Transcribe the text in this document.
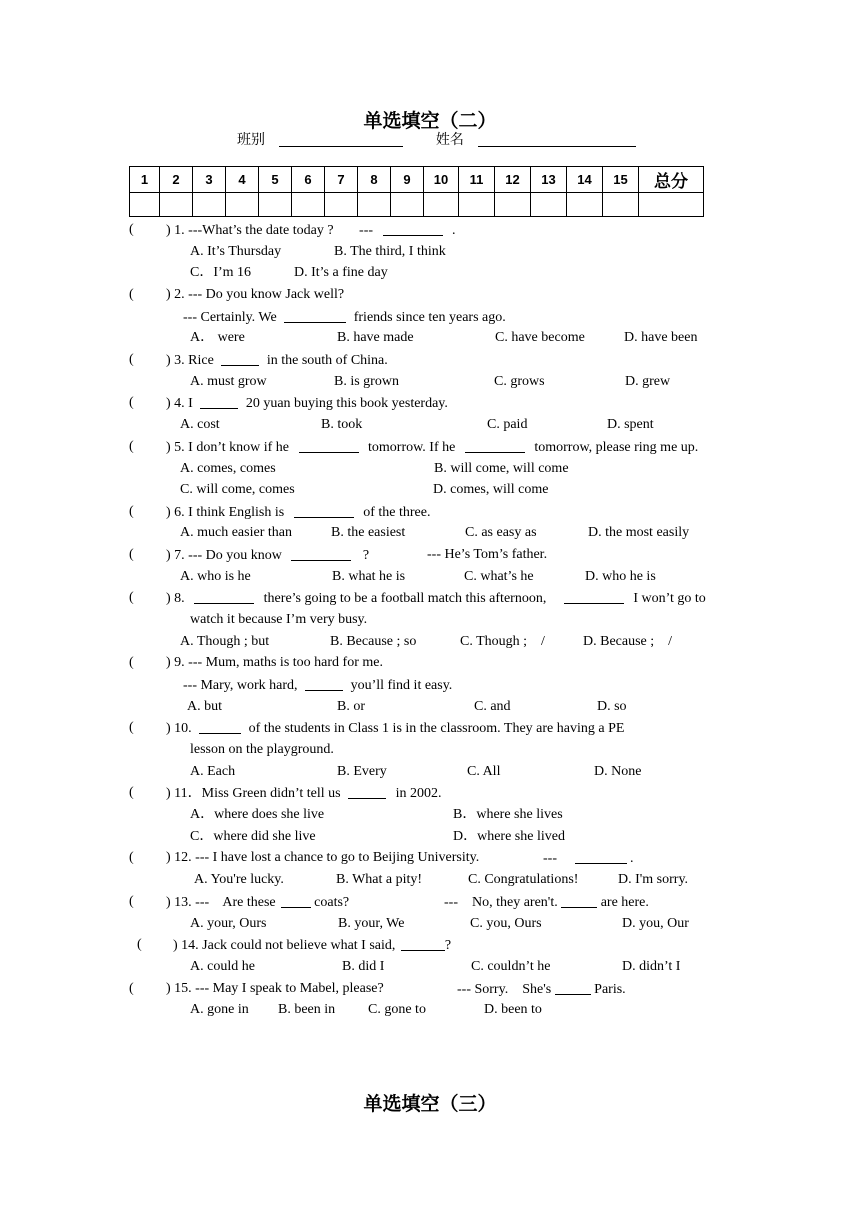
单选填空（二）
班别	姓名
1	2	3	4	5	6	7	8	9	10	11	12	13	14	15	总分

( ) 1. ---What’s the date today ? ---	.
A. It’s Thursday	B. The third, I think
C．I’m 16	D. It’s a fine day
( ) 2. --- Do you know Jack well?
--- Certainly. We	friends since ten years ago.
A． were	B. have made	C. have become	D. have been
( ) 3. Rice	in the south of China.
A. must grow	B. is grown	C. grows	D. grew
( ) 4. I	20 yuan buying this book yesterday.
A. cost	B. took	C. paid	D. spent
( ) 5. I don’t know if he	tomorrow. If he	tomorrow, please ring me up.
A. comes, comes	B. will come, will come
C. will come, comes	D. comes, will come
( ) 6. I think English is	of the three.
A. much easier than	B. the easiest	C. as easy as	D. the most easily
( ) 7. --- Do you know	?	--- He’s Tom’s father.
A. who is he	B. what he is	C. what’s he	D. who he is
( ) 8.	there’s going to be a football match this afternoon,	I won’t go to
watch it because I’m very busy.
A. Though ; but	B. Because ; so	C. Though ;    /	D. Because ;    /
( ) 9. --- Mum, maths is too hard for me.
--- Mary, work hard,	you’ll find it easy.
A. but	B. or	C. and	D. so
( ) 10.	of the students in Class 1 is in the classroom. They are having a PE
lesson on the playground.
A. Each	B. Every	C. All	D. None
( ) 11．Miss Green didn’t tell us	in 2002.
A．where does she live	B．where she lives
C．where did she live	D．where she lived
( ) 12. --- I have lost a chance to go to Beijing University.	---	.
A. You're lucky.	B. What a pity!	C. Congratulations!	D. I'm sorry.
( ) 13. ---    Are these	coats?	---    No, they aren't.	are here.
A. your, Ours	B. your, We	C. you, Ours	D. you, Our
( ) 14. Jack could not believe what I said,	?
A. could he	B. did I	C. couldn’t he	D. didn’t I
( ) 15. --- May I speak to Mabel, please?	--- Sorry.    She's	Paris.
A. gone in B. been in C. gone to	D. been to
单选填空（三）
